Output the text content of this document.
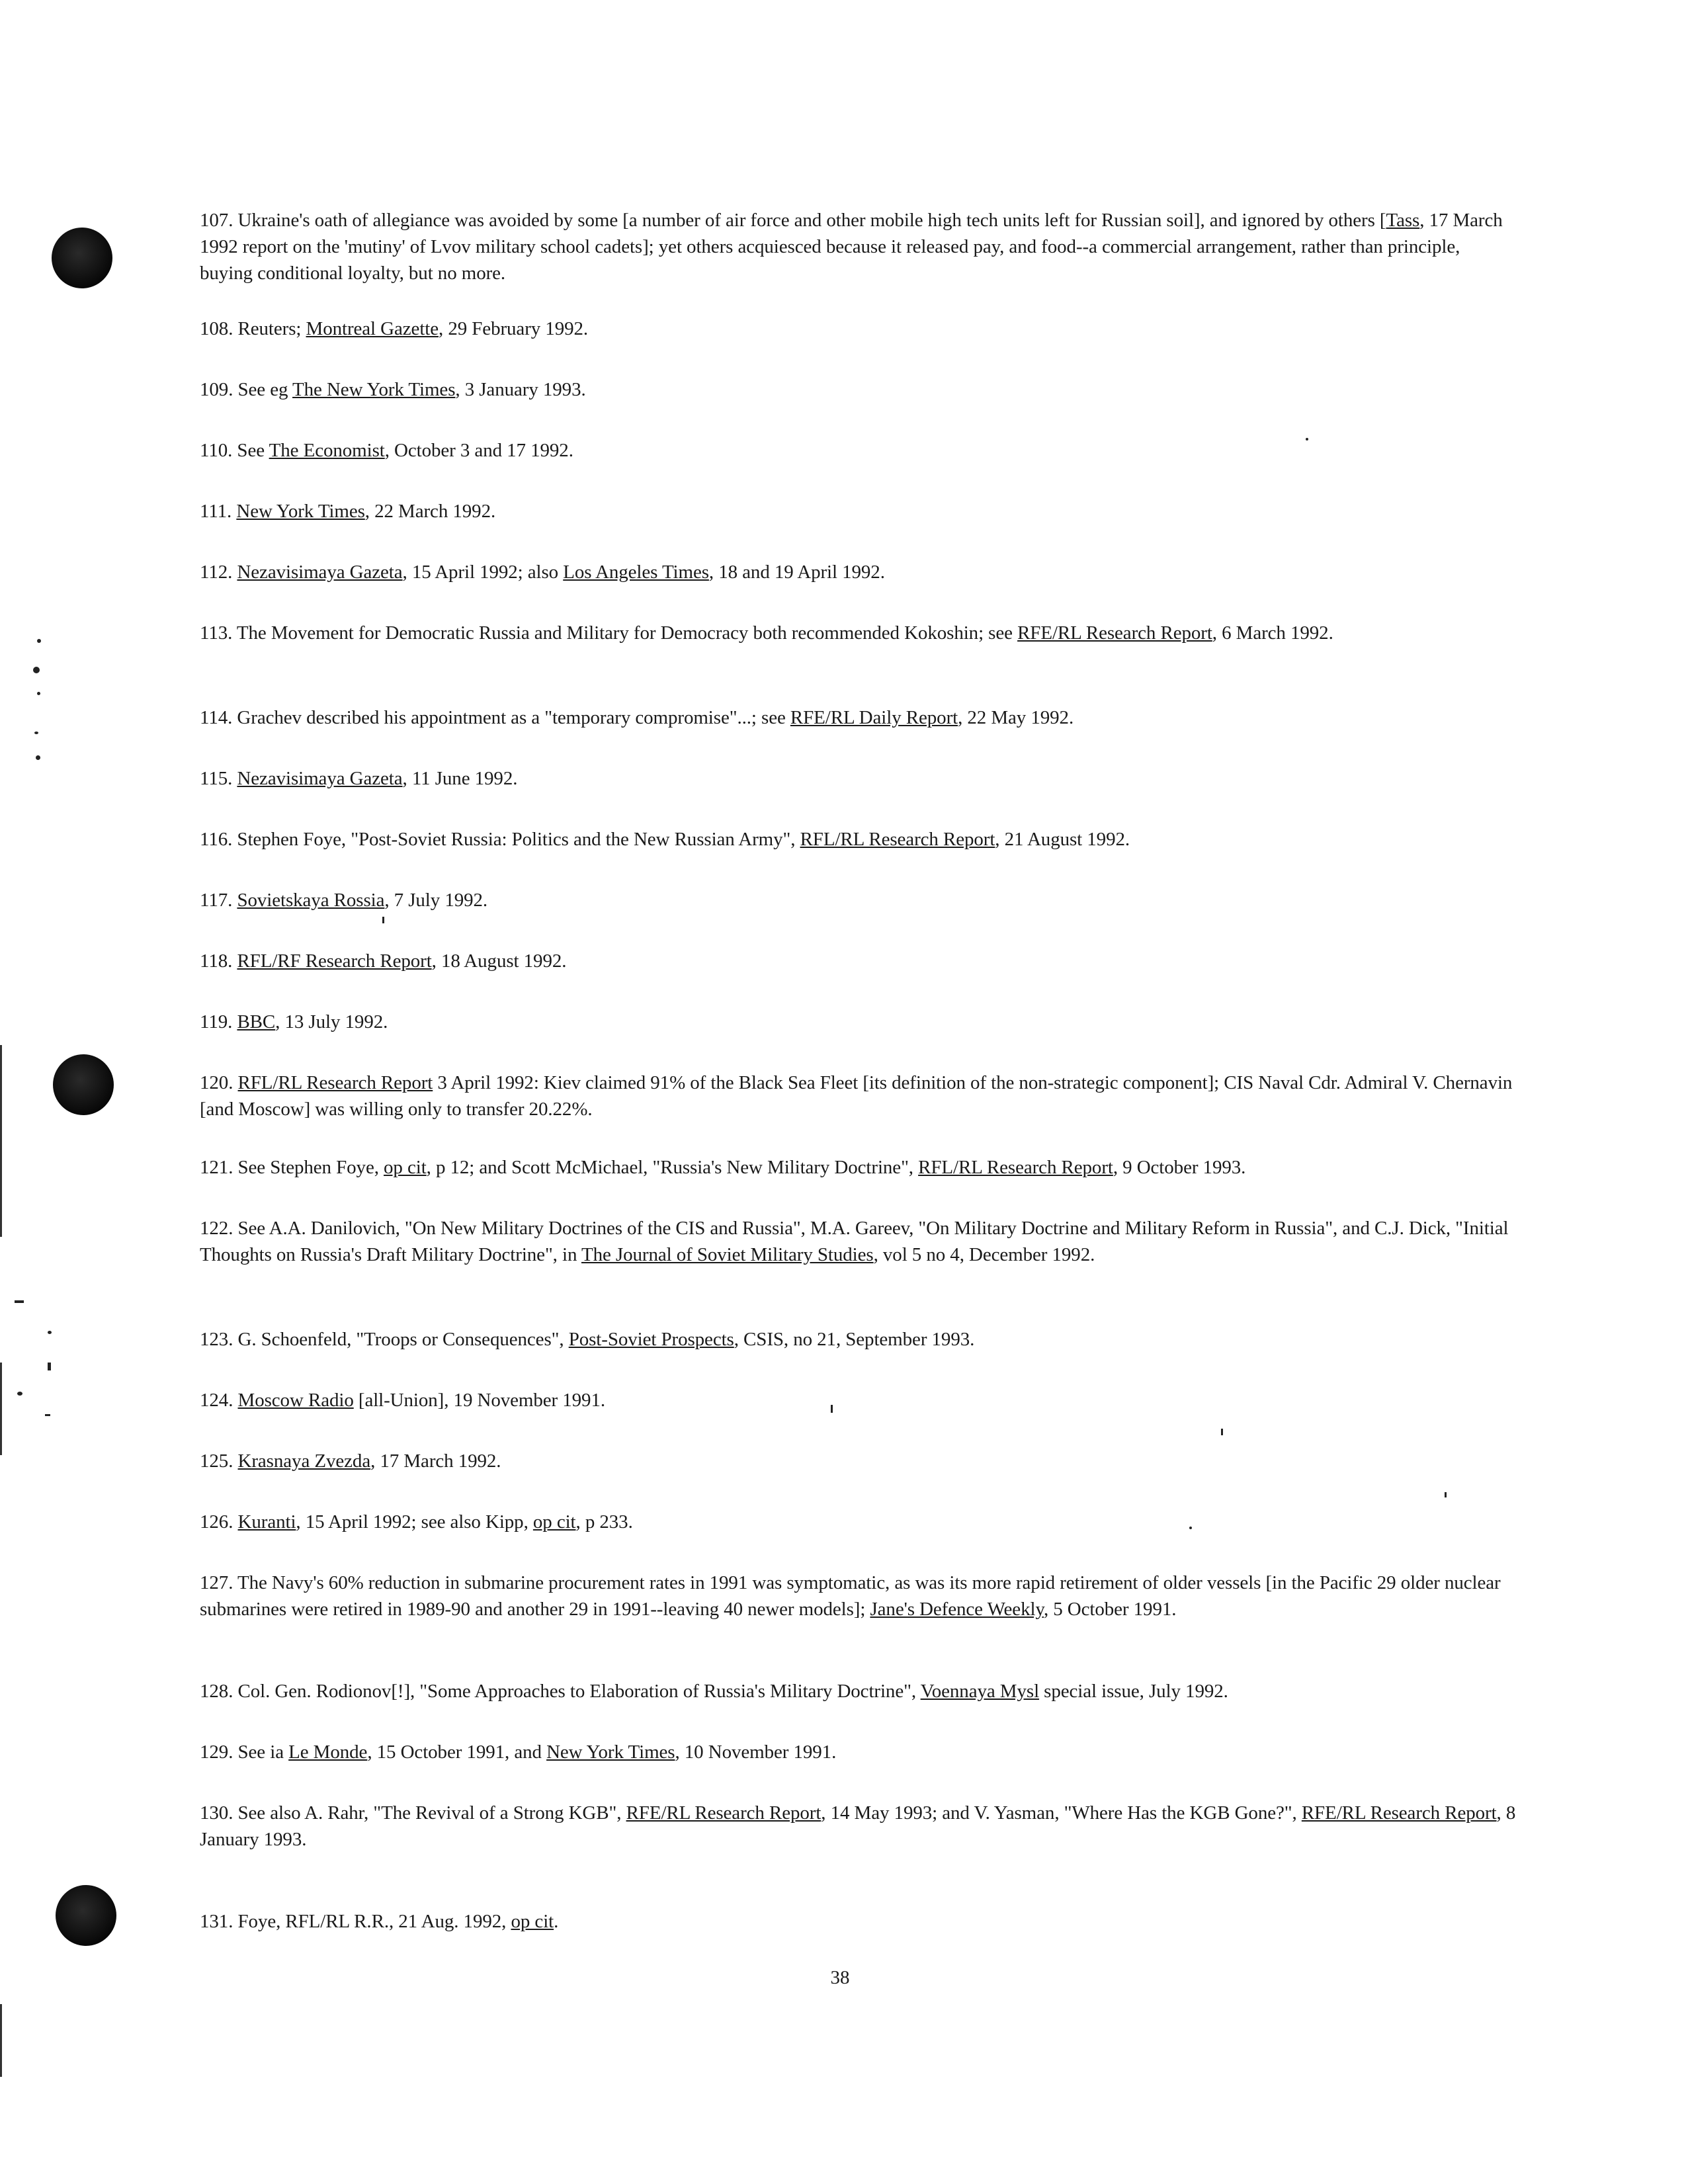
107. Ukraine's oath of allegiance was avoided by some [a number of air force and other mobile high tech units left for Russian soil], and ignored by others [Tass, 17 March 1992 report on the 'mutiny' of Lvov military school cadets]; yet others acquiesced because it released pay, and food--a commercial arrangement, rather than principle, buying conditional loyalty, but no more.

108. Reuters; Montreal Gazette, 29 February 1992.

109. See eg The New York Times, 3 January 1993.

110. See The Economist, October 3 and 17 1992.

111. New York Times, 22 March 1992.

112. Nezavisimaya Gazeta, 15 April 1992; also Los Angeles Times, 18 and 19 April 1992.

113. The Movement for Democratic Russia and Military for Democracy both recommended Kokoshin; see RFE/RL Research Report, 6 March 1992.

114. Grachev described his appointment as a "temporary compromise"...; see RFE/RL Daily Report, 22 May 1992.

115. Nezavisimaya Gazeta, 11 June 1992.

116. Stephen Foye, "Post-Soviet Russia: Politics and the New Russian Army", RFL/RL Research Report, 21 August 1992.

117. Sovietskaya Rossia, 7 July 1992.

118. RFL/RF Research Report, 18 August 1992.

119. BBC, 13 July 1992.

120. RFL/RL Research Report 3 April 1992: Kiev claimed 91% of the Black Sea Fleet [its definition of the non-strategic component]; CIS Naval Cdr. Admiral V. Chernavin [and Moscow] was willing only to transfer 20.22%.

121. See Stephen Foye, op cit, p 12; and Scott McMichael, "Russia's New Military Doctrine", RFL/RL Research Report, 9 October 1993.

122. See A.A. Danilovich, "On New Military Doctrines of the CIS and Russia", M.A. Gareev, "On Military Doctrine and Military Reform in Russia", and C.J. Dick, "Initial Thoughts on Russia's Draft Military Doctrine", in The Journal of Soviet Military Studies, vol 5 no 4, December 1992.

123. G. Schoenfeld, "Troops or Consequences", Post-Soviet Prospects, CSIS, no 21, September 1993.

124. Moscow Radio [all-Union], 19 November 1991.

125. Krasnaya Zvezda, 17 March 1992.

126. Kuranti, 15 April 1992; see also Kipp, op cit, p 233.

127. The Navy's 60% reduction in submarine procurement rates in 1991 was symptomatic, as was its more rapid retirement of older vessels [in the Pacific 29 older nuclear submarines were retired in 1989-90 and another 29 in 1991--leaving 40 newer models]; Jane's Defence Weekly, 5 October 1991.

128. Col. Gen. Rodionov[!], "Some Approaches to Elaboration of Russia's Military Doctrine", Voennaya Mysl special issue, July 1992.

129. See ia Le Monde, 15 October 1991, and New York Times, 10 November 1991.

130. See also A. Rahr, "The Revival of a Strong KGB", RFE/RL Research Report, 14 May 1993; and V. Yasman, "Where Has the KGB Gone?", RFE/RL Research Report, 8 January 1993.

131. Foye, RFL/RL R.R., 21 Aug. 1992, op cit.

38
